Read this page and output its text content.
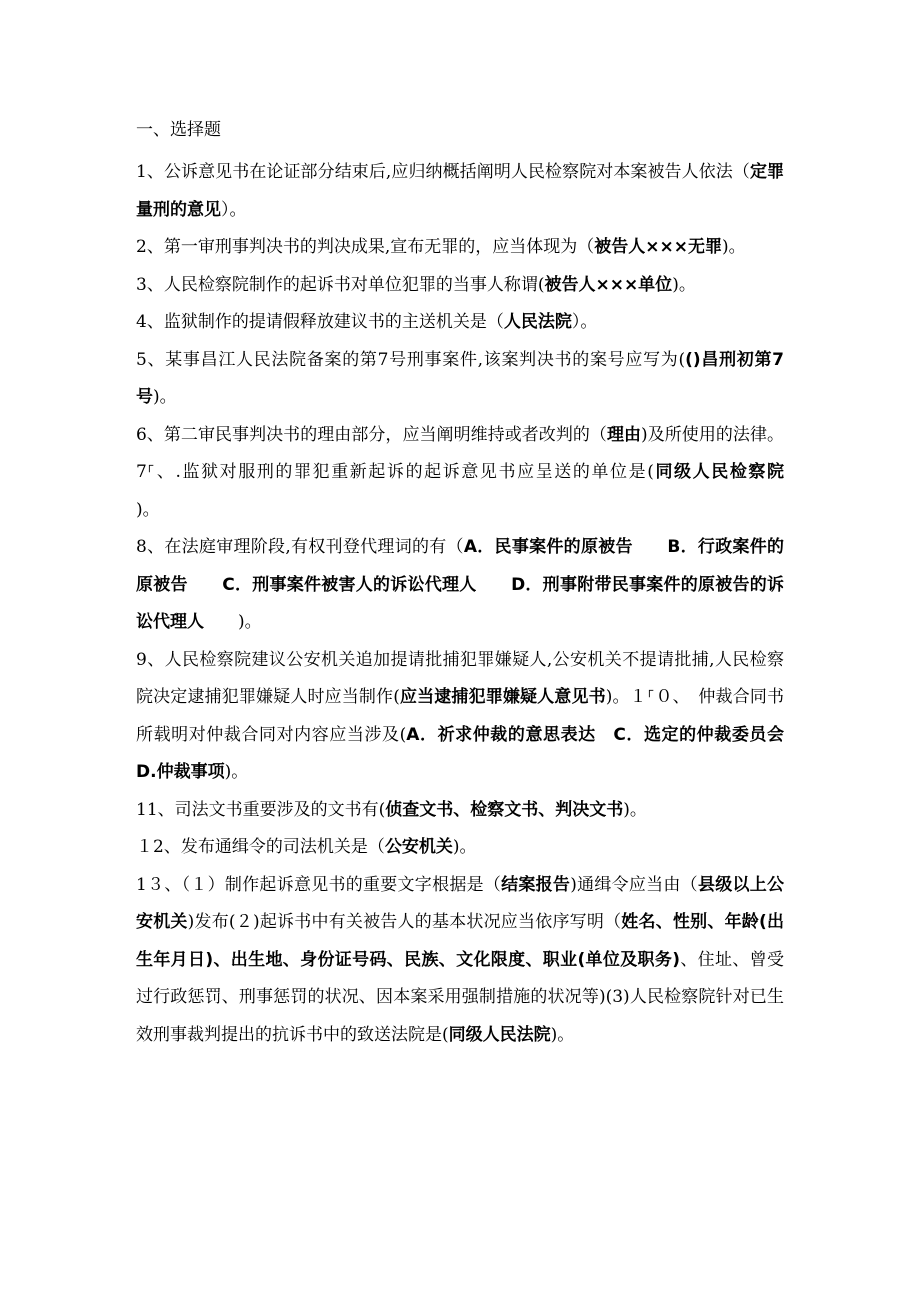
一、选择题

1、公诉意见书在论证部分结束后,应归纳概括阐明人民检察院对本案被告人依法（定罪量刑的意见）。

2、第一审刑事判决书的判决成果,宣布无罪的，应当体现为（被告人×××无罪)。

3、人民检察院制作的起诉书对单位犯罪的当事人称谓(被告人×××单位)。

4、监狱制作的提请假释放建议书的主送机关是（人民法院）。

5、某事昌江人民法院备案的第7号刑事案件,该案判决书的案号应写为(()昌刑初第7号)。

6、第二审民事判决书的理由部分，应当阐明维持或者改判的（理由)及所使用的法律。7⸀、.监狱对服刑的罪犯重新起诉的起诉意见书应呈送的单位是(同级人民检察院　　)。

8、在法庭审理阶段,有权刊登代理词的有（A．民事案件的原被告　　B．行政案件的原被告　　C．刑事案件被害人的诉讼代理人　　D．刑事附带民事案件的原被告的诉讼代理人　　)。

9、人民检察院建议公安机关追加提请批捕犯罪嫌疑人,公安机关不提请批捕,人民检察院决定逮捕犯罪嫌疑人时应当制作(应当逮捕犯罪嫌疑人意见书)。１⸀０、　仲裁合同书所载明对仲裁合同对内容应当涉及(A．祈求仲裁的意思表达　C．选定的仲裁委员会　　　D.仲裁事项)。

11、司法文书重要涉及的文书有(侦查文书、检察文书、判决文书)。

１2、发布通缉令的司法机关是（公安机关)。

1３、（１）制作起诉意见书的重要文字根据是（结案报告)通缉令应当由（县级以上公安机关)发布(２)起诉书中有关被告人的基本状况应当依序写明（姓名、性别、年龄(出生年月日)、出生地、身份证号码、民族、文化限度、职业(单位及职务)、住址、曾受过行政惩罚、刑事惩罚的状况、因本案采用强制措施的状况等)(3)人民检察院针对已生效刑事裁判提出的抗诉书中的致送法院是(同级人民法院)。
